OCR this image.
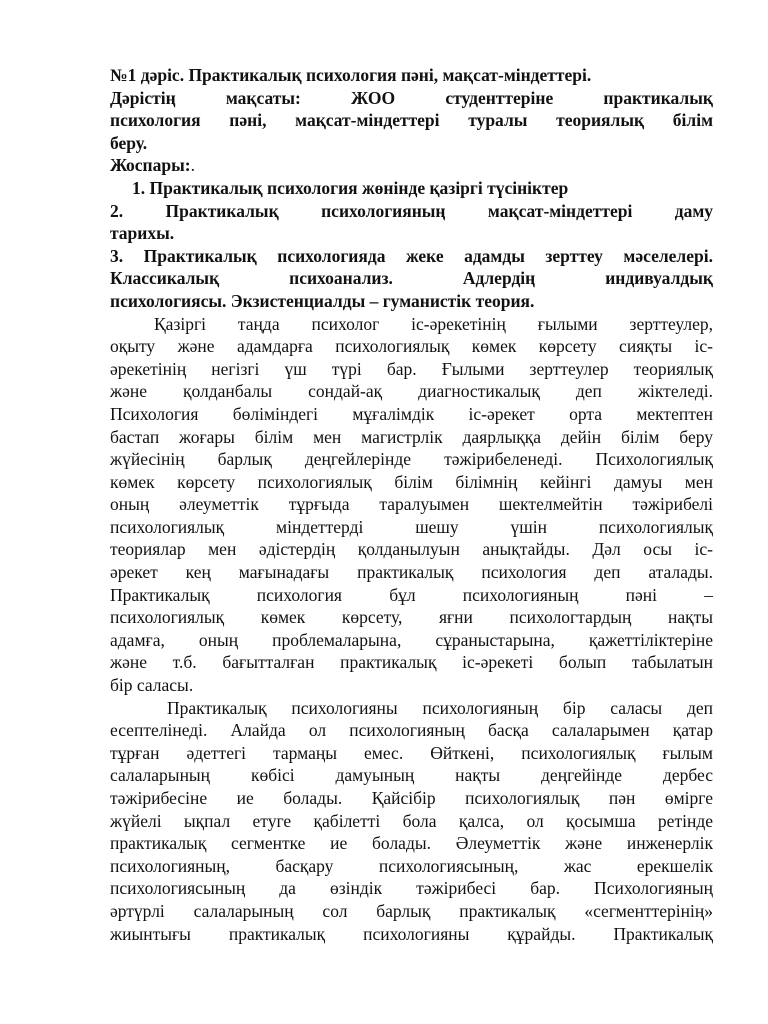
№1 дәріс. Практикалық психология пәні, мақсат-міндеттері.

Дәрістің мақсаты: ЖОО студенттеріне практикалық

психология пәні, мақсат-міндеттері туралы теориялық білім

беру.

Жоспары:.

1. Практикалық психология жөнінде қазіргі түсініктер

2. Практикалық психологияның мақсат-міндеттері даму

тарихы.

3. Практикалық психологияда жеке адамды зерттеу мәселелері.

Классикалық психоанализ. Адлердің индивуалдық

психологиясы. Экзистенциалды – гуманистік теория.

Қазіргі таңда психолог іс-әрекетінің ғылыми зерттеулер,

оқыту және адамдарға психологиялық көмек көрсету сияқты іс-

әрекетінің негізгі үш түрі бар. Ғылыми зерттеулер теориялық

және қолданбалы сондай-ақ диагностикалық деп жіктеледі.

Психология бөліміндегі мұғалімдік іс-әрекет орта мектептен

бастап жоғары білім мен магистрлік даярлыққа дейін білім беру

жүйесінің барлық деңгейлерінде тәжірибеленеді. Психологиялық

көмек көрсету психологиялық білім білімнің кейінгі дамуы мен

оның әлеуметтік тұрғыда таралуымен шектелмейтін тәжірибелі

психологиялық міндеттерді шешу үшін психологиялық

теориялар мен әдістердің қолданылуын анықтайды. Дәл осы іс-

әрекет кең мағынадағы практикалық психология деп аталады.

Практикалық психология бұл психологияның пәні –

психологиялық көмек көрсету, яғни психологтардың нақты

адамға, оның проблемаларына, сұраныстарына, қажеттіліктеріне

және т.б. бағытталған практикалық іс-әрекеті болып табылатын

бір саласы.

Практикалық психологияны психологияның бір саласы деп

есептелінеді. Алайда ол психологияның басқа салаларымен қатар

тұрған әдеттегі тармаңы емес. Өйткені, психологиялық ғылым

салаларының көбісі дамуының нақты деңгейінде дербес

тәжірибесіне ие болады. Қайсібір психологиялық пән өмірге

жүйелі ықпал етуге қабілетті бола қалса, ол қосымша ретінде

практикалық сегментке ие болады. Әлеуметтік және инженерлік

психологияның, басқару психологиясының, жас ерекшелік

психологиясының да өзіндік тәжірибесі бар. Психологияның

әртүрлі салаларының сол барлық практикалық «сегменттерінің»

жиынтығы практикалық психологияны құрайды. Практикалық
